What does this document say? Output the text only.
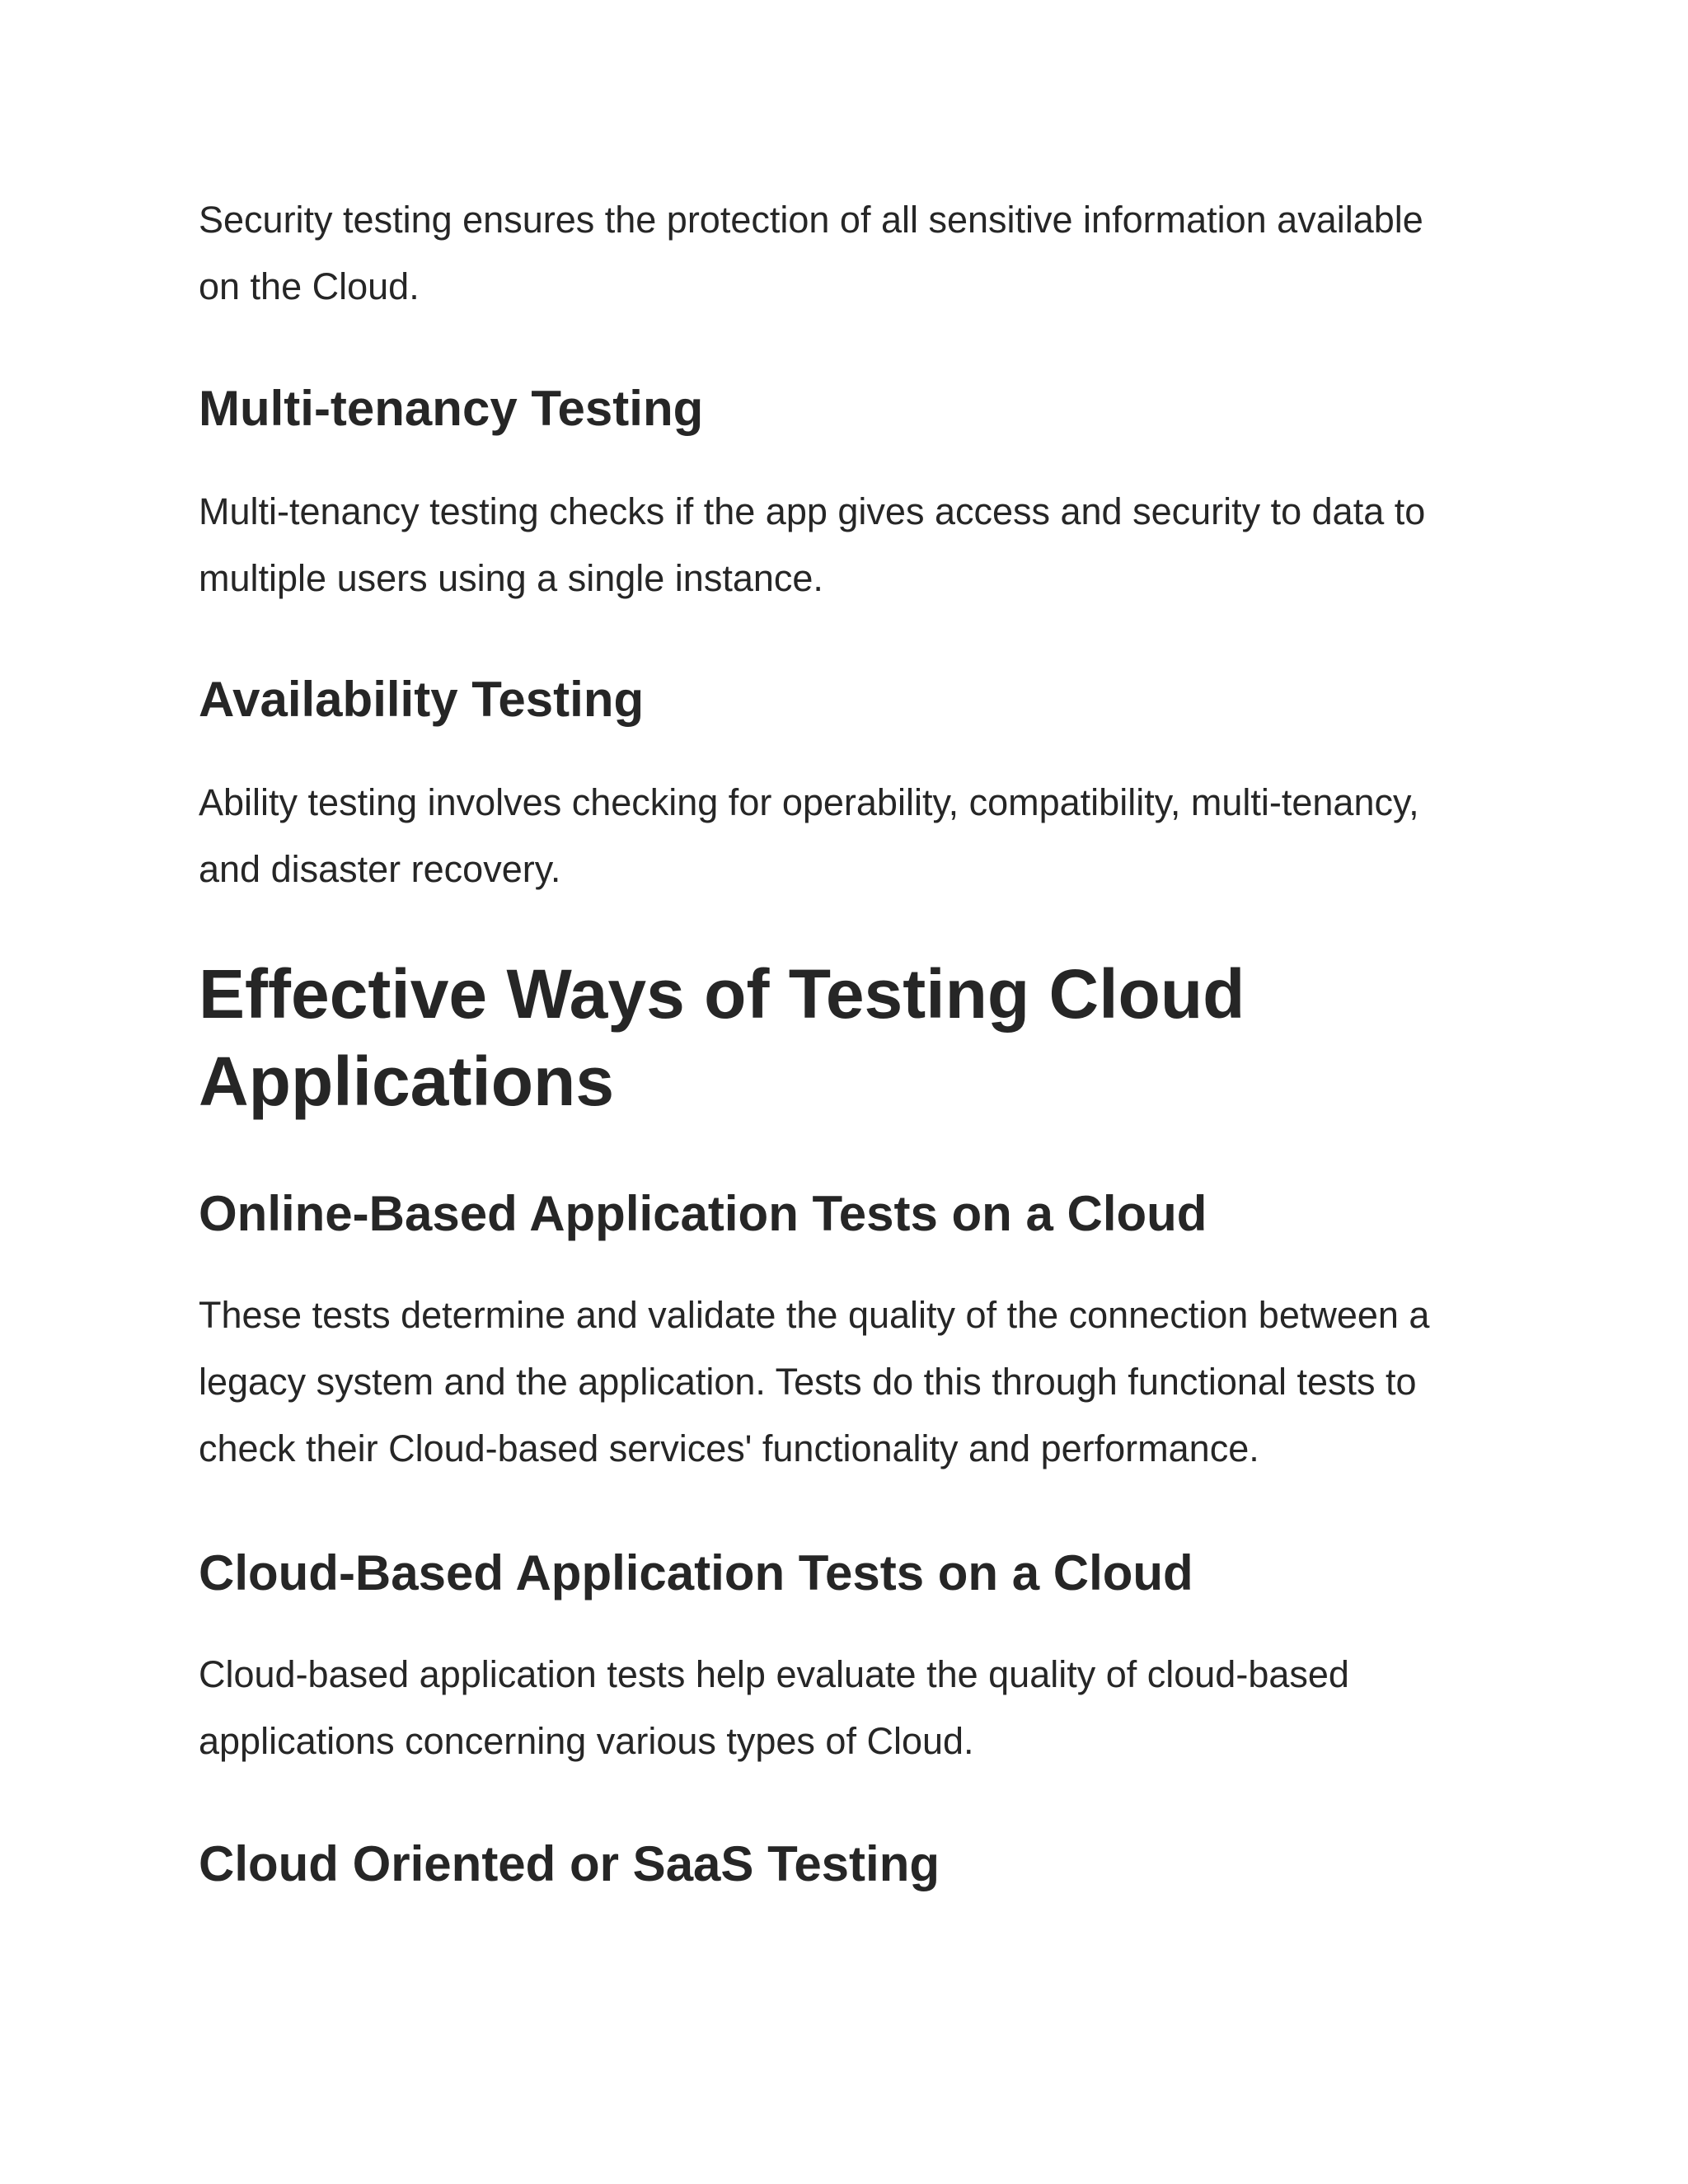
Security testing ensures the protection of all sensitive information available
on the Cloud.

Multi-tenancy Testing

Multi-tenancy testing checks if the app gives access and security to data to
multiple users using a single instance.

Availability Testing

Ability testing involves checking for operability, compatibility, multi-tenancy,
and disaster recovery.

Effective Ways of Testing Cloud
Applications
Online-Based Application Tests on a Cloud

These tests determine and validate the quality of the connection between a
legacy system and the application. Tests do this through functional tests to
check their Cloud-based services' functionality and performance.

Cloud-Based Application Tests on a Cloud

Cloud-based application tests help evaluate the quality of cloud-based
applications concerning various types of Cloud.

Cloud Oriented or SaaS Testing
